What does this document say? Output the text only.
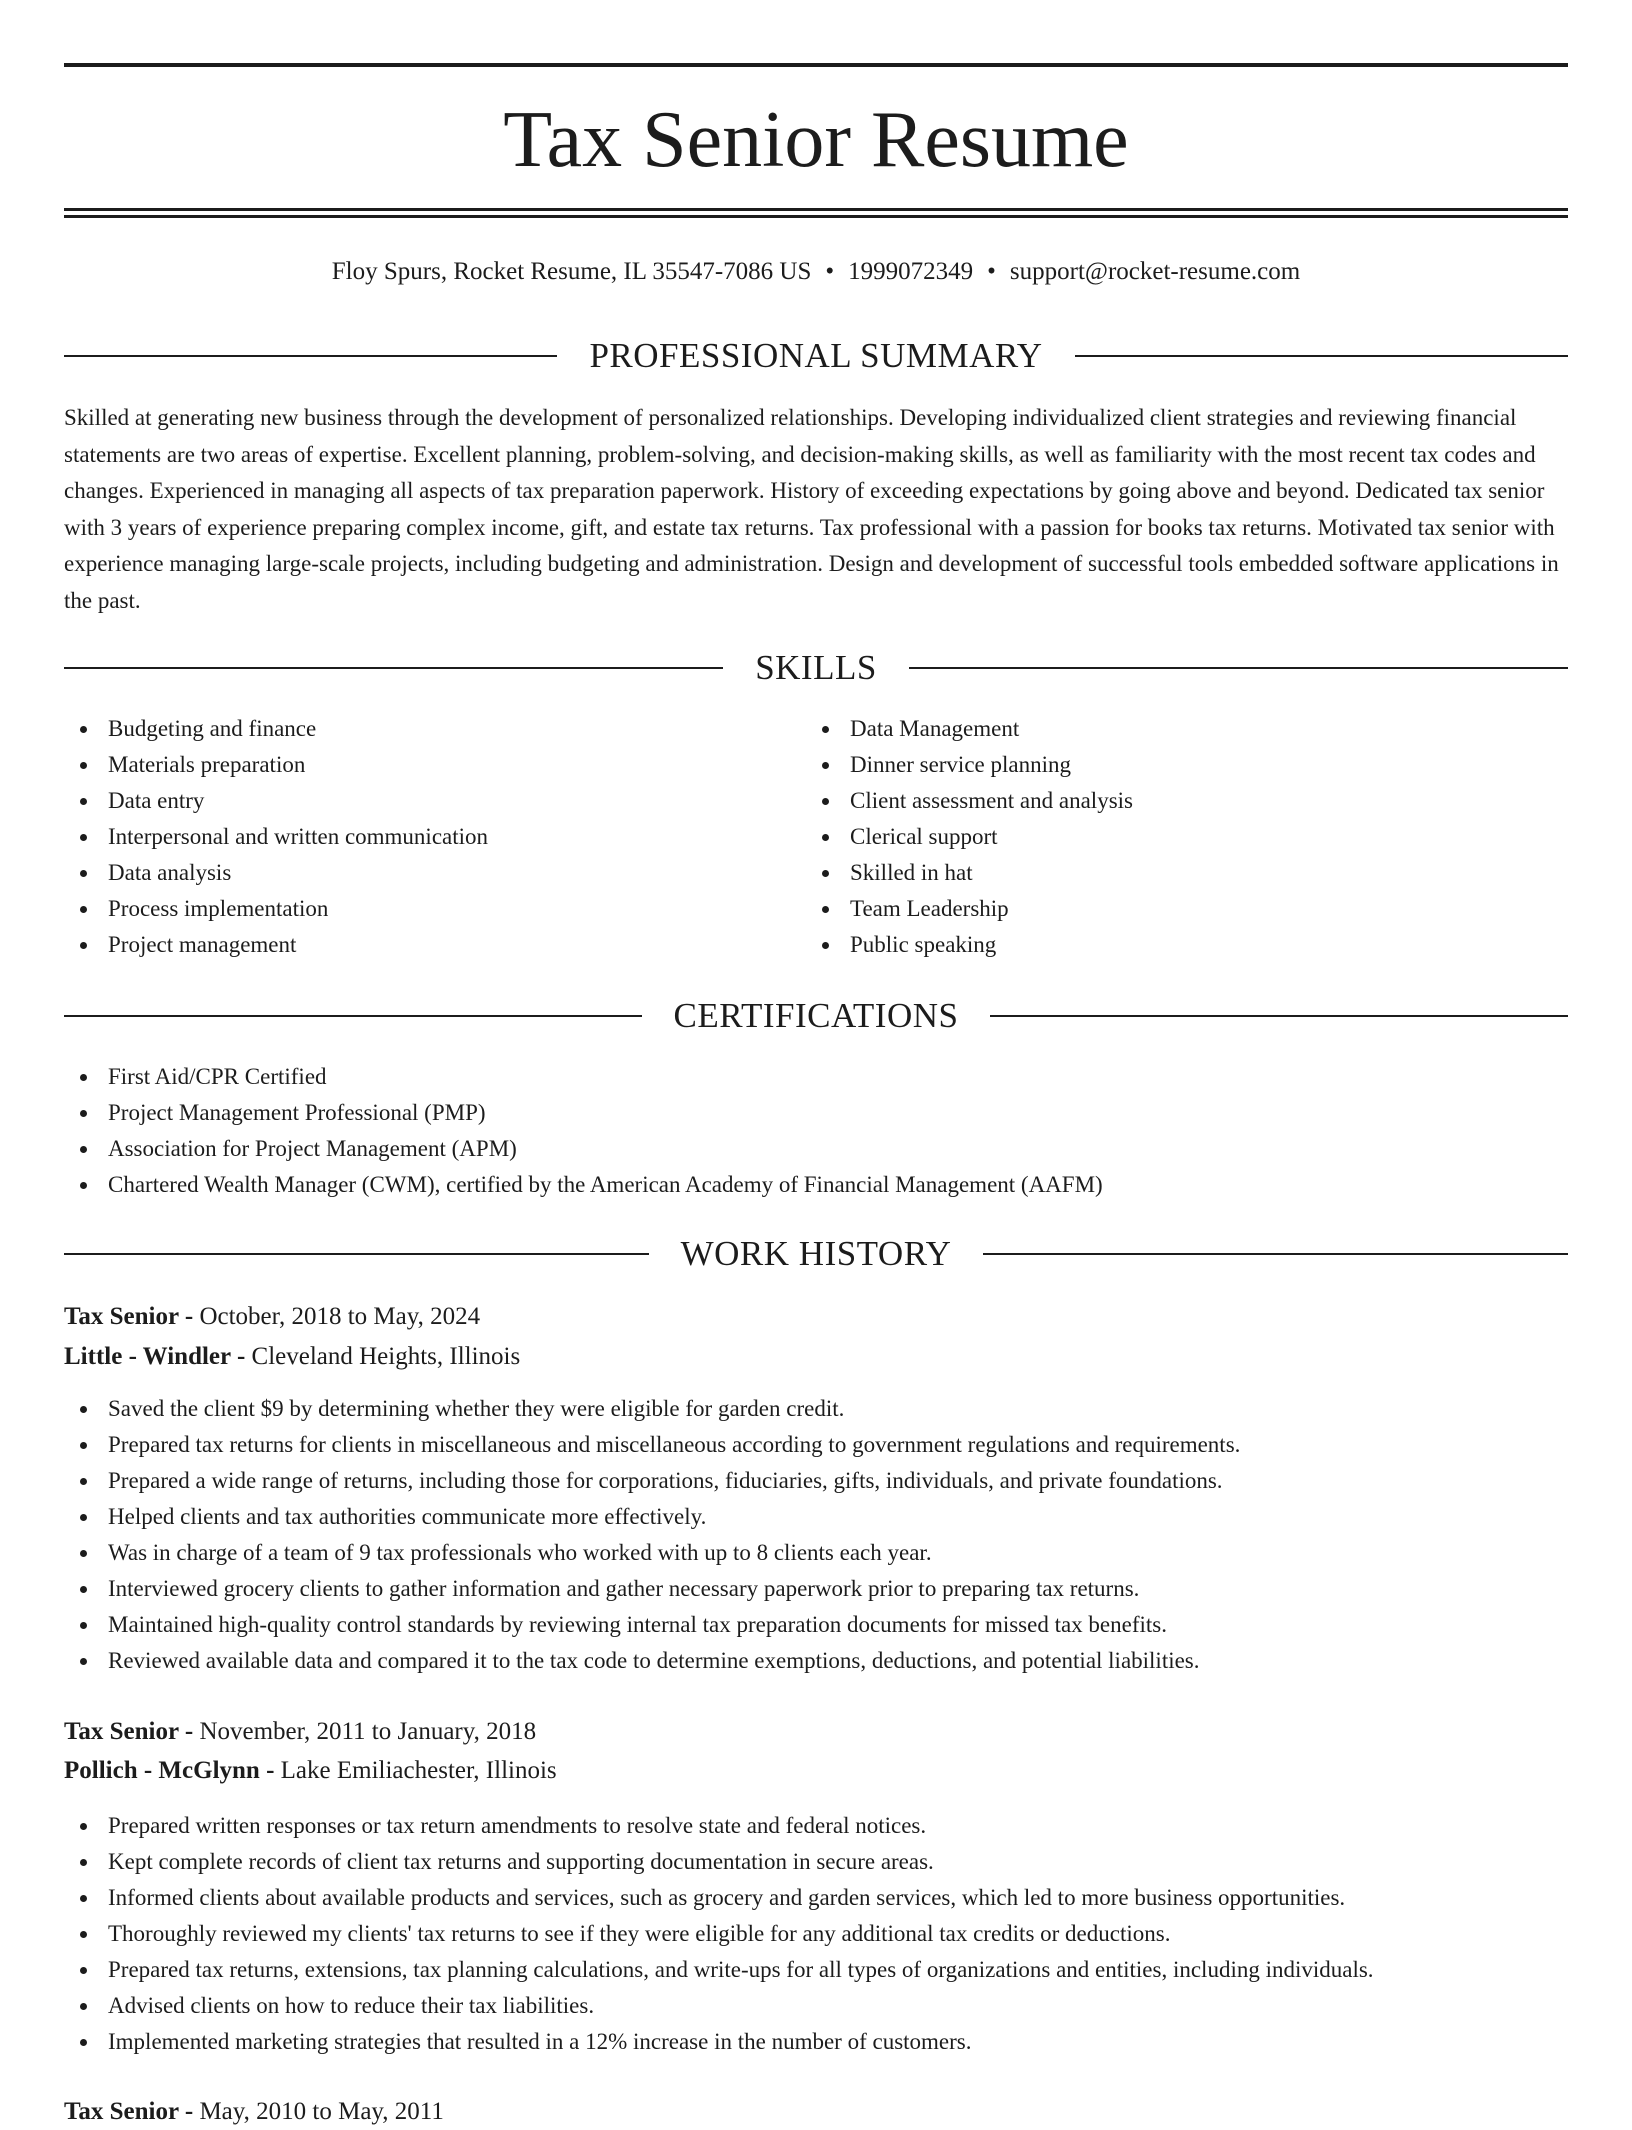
Tax Senior Resume
Floy Spurs, Rocket Resume, IL 35547-7086 US • 1999072349 • support@rocket-resume.com
PROFESSIONAL SUMMARY

Skilled at generating new business through the development of personalized relationships. Developing individualized client strategies and reviewing financial statements are two areas of expertise. Excellent planning, problem-solving, and decision-making skills, as well as familiarity with the most recent tax codes and changes. Experienced in managing all aspects of tax preparation paperwork. History of exceeding expectations by going above and beyond. Dedicated tax senior with 3 years of experience preparing complex income, gift, and estate tax returns. Tax professional with a passion for books tax returns. Motivated tax senior with experience managing large-scale projects, including budgeting and administration. Design and development of successful tools embedded software applications in the past.

SKILLS
Budgeting and finance
Materials preparation
Data entry
Interpersonal and written communication
Data analysis
Process implementation
Project management
Data Management
Dinner service planning
Client assessment and analysis
Clerical support
Skilled in hat
Team Leadership
Public speaking
CERTIFICATIONS
First Aid/CPR Certified
Project Management Professional (PMP)
Association for Project Management (APM)
Chartered Wealth Manager (CWM), certified by the American Academy of Financial Management (AAFM)
WORK HISTORY
Tax Senior - October, 2018 to May, 2024
Little - Windler - Cleveland Heights, Illinois
Saved the client $9 by determining whether they were eligible for garden credit.
Prepared tax returns for clients in miscellaneous and miscellaneous according to government regulations and requirements.
Prepared a wide range of returns, including those for corporations, fiduciaries, gifts, individuals, and private foundations.
Helped clients and tax authorities communicate more effectively.
Was in charge of a team of 9 tax professionals who worked with up to 8 clients each year.
Interviewed grocery clients to gather information and gather necessary paperwork prior to preparing tax returns.
Maintained high-quality control standards by reviewing internal tax preparation documents for missed tax benefits.
Reviewed available data and compared it to the tax code to determine exemptions, deductions, and potential liabilities.
Tax Senior - November, 2011 to January, 2018
Pollich - McGlynn - Lake Emiliachester, Illinois
Prepared written responses or tax return amendments to resolve state and federal notices.
Kept complete records of client tax returns and supporting documentation in secure areas.
Informed clients about available products and services, such as grocery and garden services, which led to more business opportunities.
Thoroughly reviewed my clients' tax returns to see if they were eligible for any additional tax credits or deductions.
Prepared tax returns, extensions, tax planning calculations, and write-ups for all types of organizations and entities, including individuals.
Advised clients on how to reduce their tax liabilities.
Implemented marketing strategies that resulted in a 12% increase in the number of customers.
Tax Senior - May, 2010 to May, 2011
